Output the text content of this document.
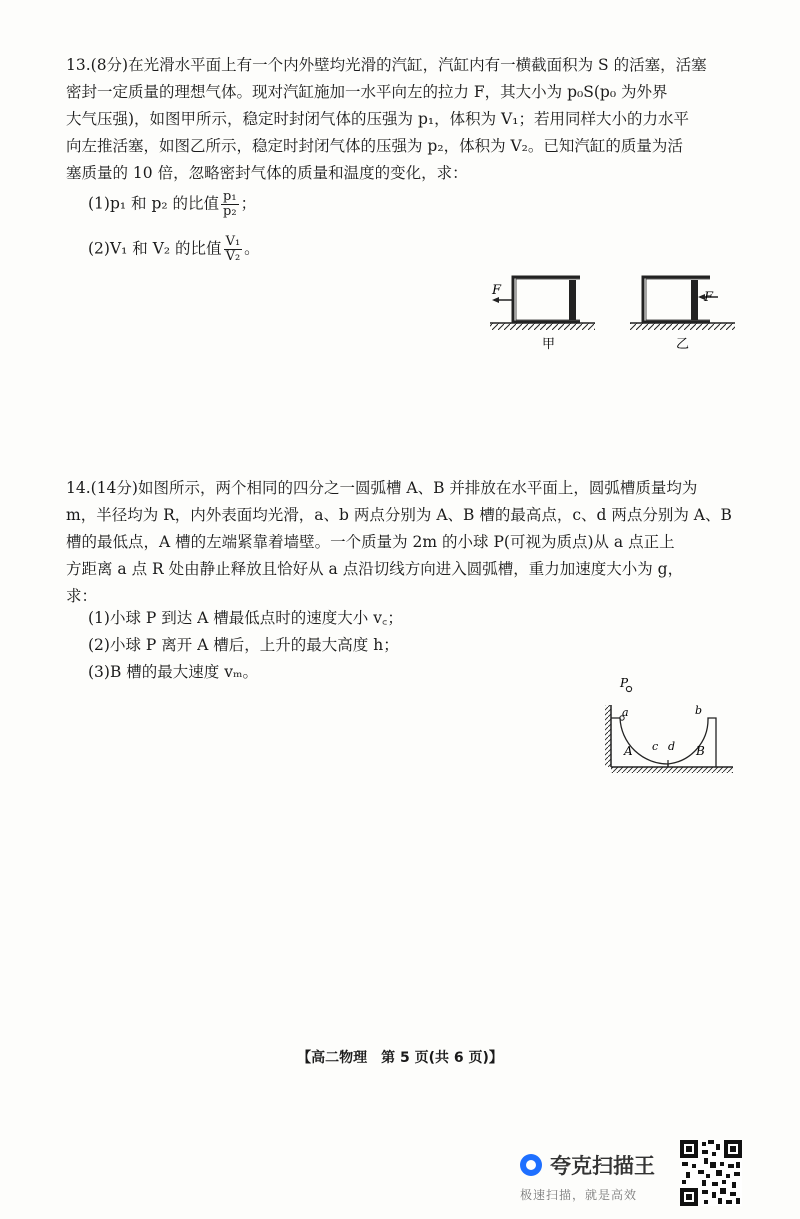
13.(8分)在光滑水平面上有一个内外壁均光滑的汽缸，汽缸内有一横截面积为 S 的活塞，活塞

密封一定质量的理想气体。现对汽缸施加一水平向左的拉力 F，其大小为 p₀S(p₀ 为外界

大气压强)，如图甲所示，稳定时封闭气体的压强为 p₁，体积为 V₁；若用同样大小的力水平

向左推活塞，如图乙所示，稳定时封闭气体的压强为 p₂，体积为 V₂。已知汽缸的质量为活

塞质量的 10 倍，忽略密封气体的质量和温度的变化，求：

(1)p₁ 和 p₂ 的比值 $\frac{\text{p₁}}{\text{p₂}}$ ；
(2)V₁ 和 V₂ 的比值 $\frac{\text{V₁}}{\text{V₂}}$ 。
F
甲
F
乙

14.(14分)如图所示，两个相同的四分之一圆弧槽 A、B 并排放在水平面上，圆弧槽质量均为

m，半径均为 R，内外表面均光滑，a、b 两点分别为 A、B 槽的最高点，c、d 两点分别为 A、B

槽的最低点，A 槽的左端紧靠着墙壁。一个质量为 2m 的小球 P(可视为质点)从 a 点正上

方距离 a 点 R 处由静止释放且恰好从 a 点沿切线方向进入圆弧槽，重力加速度大小为 g，

求：

(1)小球 P 到达 A 槽最低点时的速度大小 v꜀；
(2)小球 P 离开 A 槽后，上升的最大高度 h；
(3)B 槽的最大速度 vₘ。
P
a	b
c d
A	B
【高二物理　第 5 页(共 6 页)】
夸克扫描王
极速扫描，就是高效
